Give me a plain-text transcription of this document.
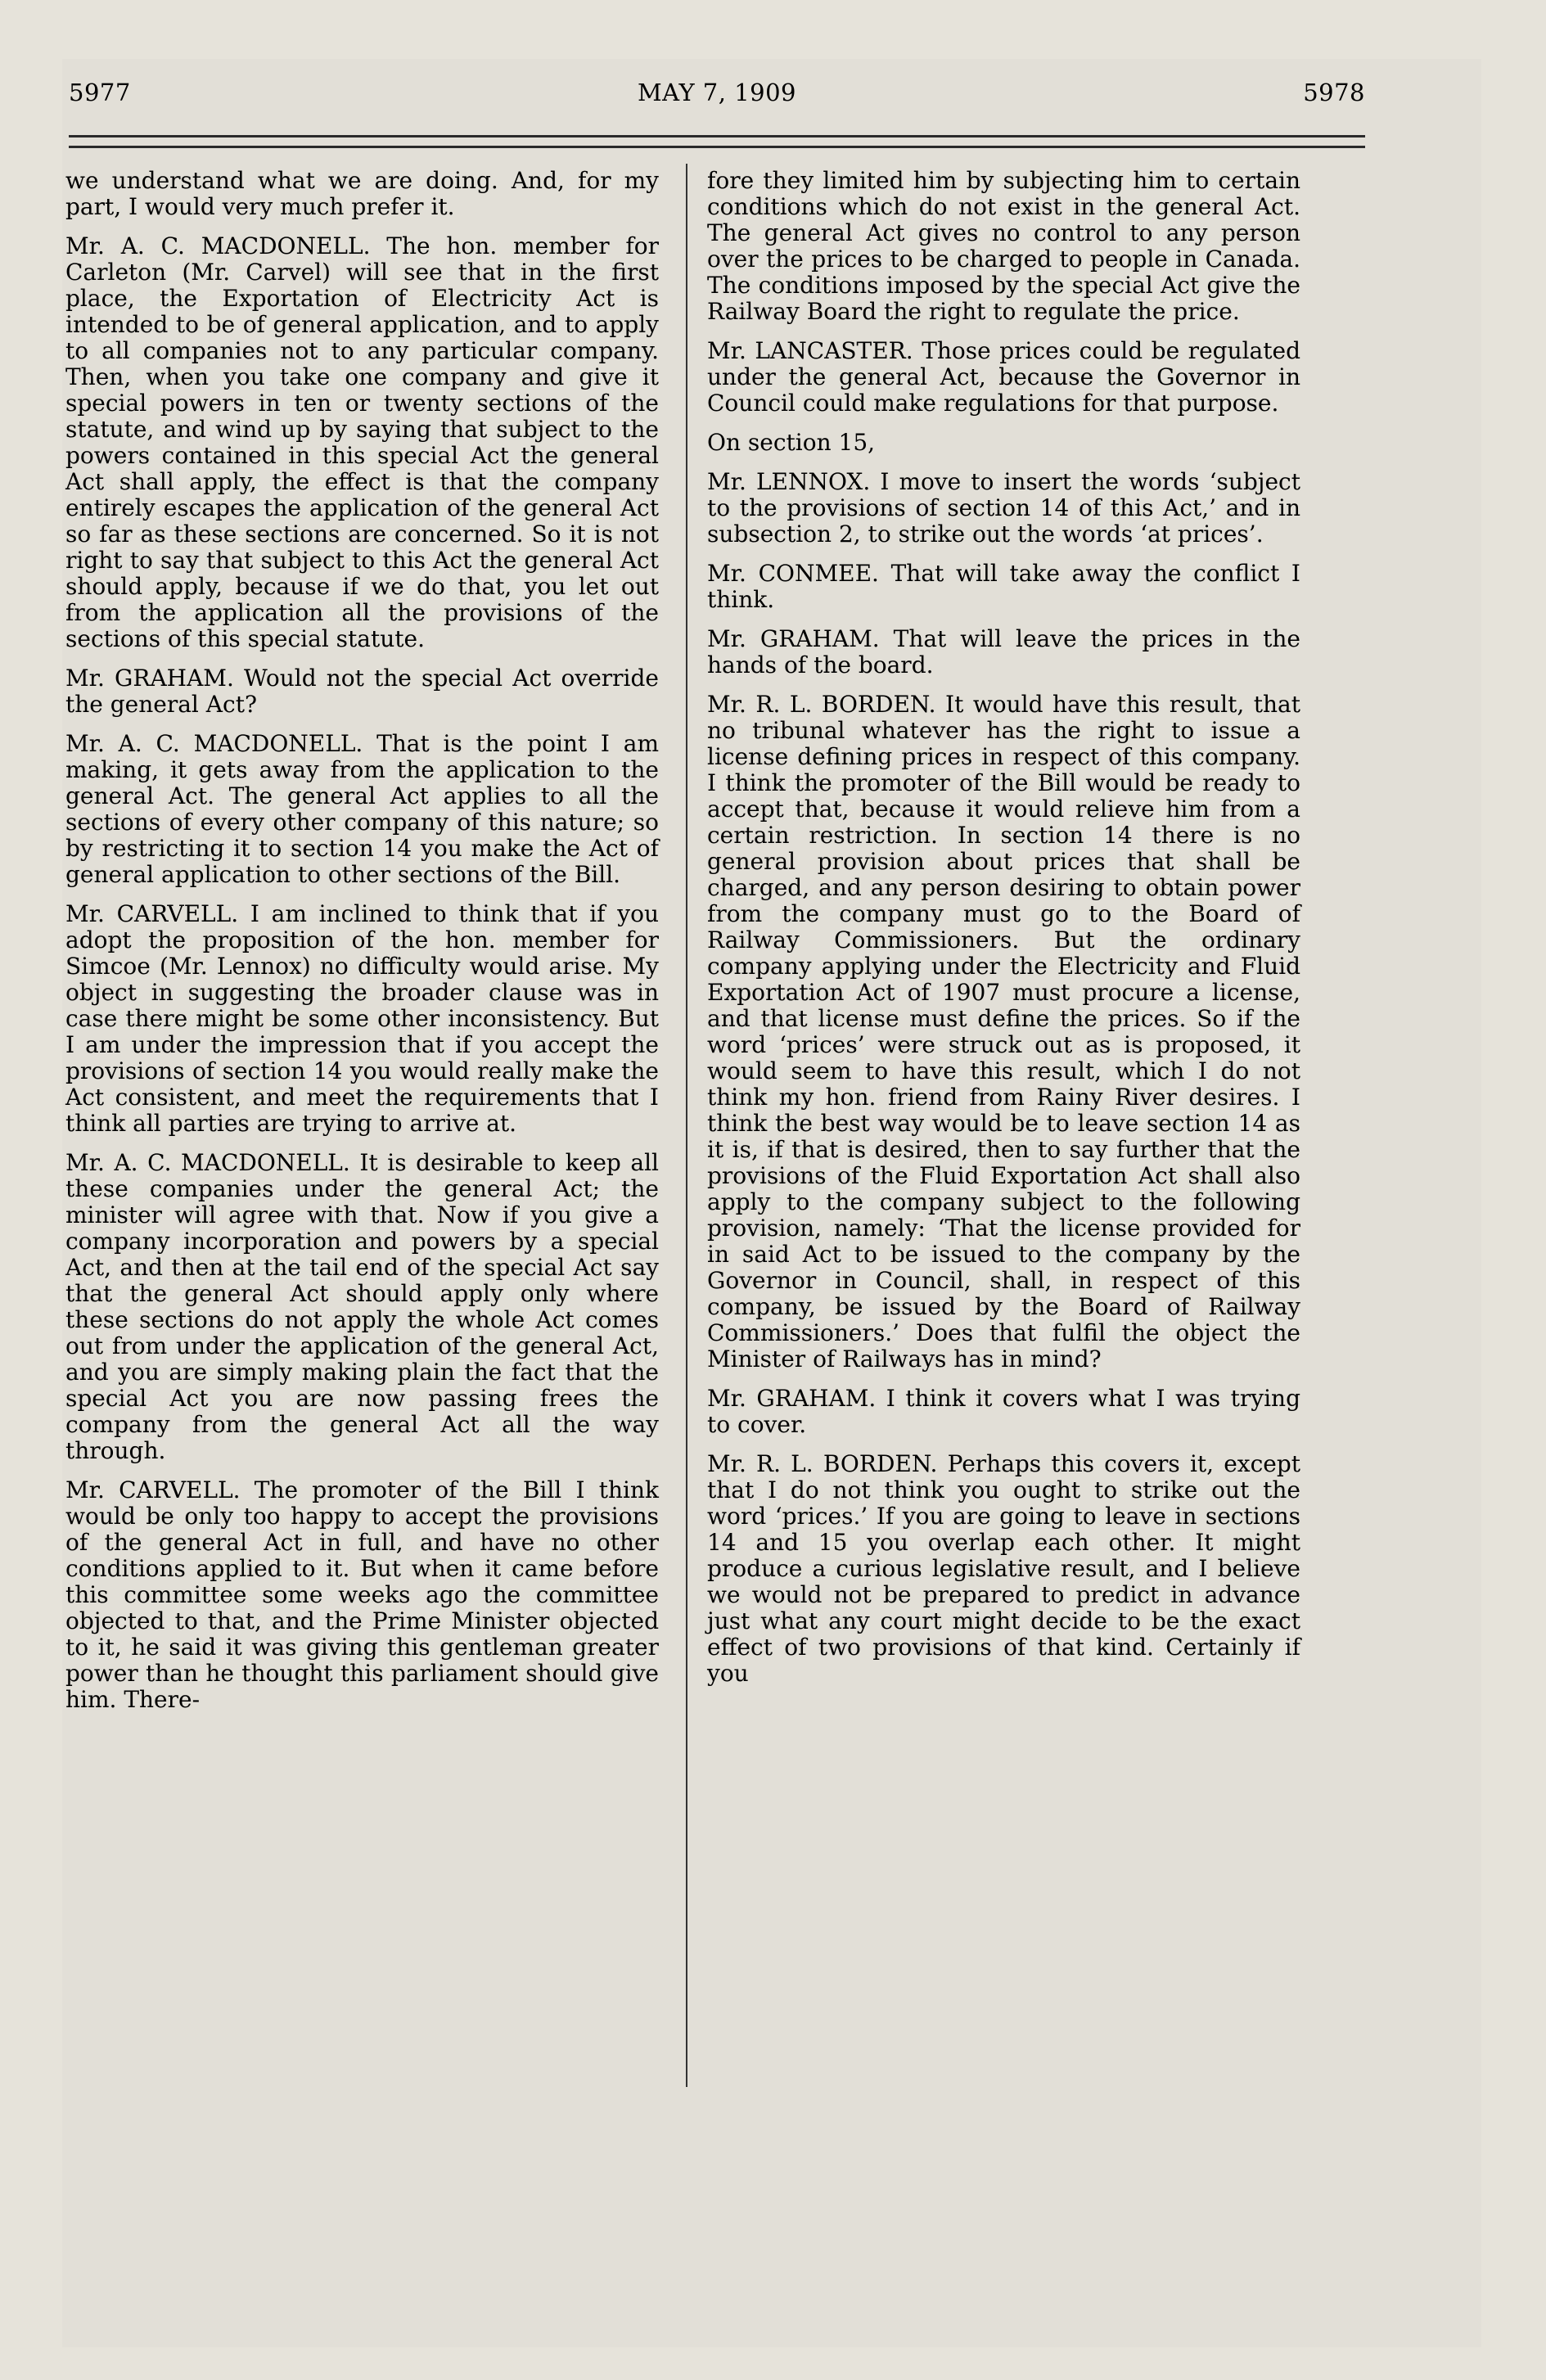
5977	MAY 7, 1909	5978

we understand what we are doing. And, for my part, I would very much prefer it.

Mr. A. C. MACDONELL. The hon. member for Carleton (Mr. Carvel) will see that in the first place, the Exportation of Electricity Act is intended to be of general application, and to apply to all companies not to any particular company. Then, when you take one company and give it special powers in ten or twenty sections of the statute, and wind up by saying that subject to the powers contained in this special Act the general Act shall apply, the effect is that the company entirely escapes the application of the general Act so far as these sections are concerned. So it is not right to say that subject to this Act the general Act should apply, because if we do that, you let out from the application all the provisions of the sections of this special statute.

Mr. GRAHAM. Would not the special Act override the general Act?

Mr. A. C. MACDONELL. That is the point I am making, it gets away from the application to the general Act. The general Act applies to all the sections of every other company of this nature; so by restricting it to section 14 you make the Act of general application to other sections of the Bill.

Mr. CARVELL. I am inclined to think that if you adopt the proposition of the hon. member for Simcoe (Mr. Lennox) no difficulty would arise. My object in suggesting the broader clause was in case there might be some other inconsistency. But I am under the impression that if you accept the provisions of section 14 you would really make the Act consistent, and meet the requirements that I think all parties are trying to arrive at.

Mr. A. C. MACDONELL. It is desirable to keep all these companies under the general Act; the minister will agree with that. Now if you give a company incorporation and powers by a special Act, and then at the tail end of the special Act say that the general Act should apply only where these sections do not apply the whole Act comes out from under the application of the general Act, and you are simply making plain the fact that the special Act you are now passing frees the company from the general Act all the way through.

Mr. CARVELL. The promoter of the Bill I think would be only too happy to accept the provisions of the general Act in full, and have no other conditions applied to it. But when it came before this committee some weeks ago the committee objected to that, and the Prime Minister objected to it, he said it was giving this gentleman greater power than he thought this parliament should give him. There-

fore they limited him by subjecting him to certain conditions which do not exist in the general Act. The general Act gives no control to any person over the prices to be charged to people in Canada. The conditions imposed by the special Act give the Railway Board the right to regulate the price.

Mr. LANCASTER. Those prices could be regulated under the general Act, because the Governor in Council could make regulations for that purpose.

On section 15,

Mr. LENNOX. I move to insert the words ‘subject to the provisions of section 14 of this Act,’ and in subsection 2, to strike out the words ‘at prices’.

Mr. CONMEE. That will take away the conflict I think.

Mr. GRAHAM. That will leave the prices in the hands of the board.

Mr. R. L. BORDEN. It would have this result, that no tribunal whatever has the right to issue a license defining prices in respect of this company. I think the promoter of the Bill would be ready to accept that, because it would relieve him from a certain restriction. In section 14 there is no general provision about prices that shall be charged, and any person desiring to obtain power from the company must go to the Board of Railway Commissioners. But the ordinary company applying under the Electricity and Fluid Exportation Act of 1907 must procure a license, and that license must define the prices. So if the word ‘prices’ were struck out as is proposed, it would seem to have this result, which I do not think my hon. friend from Rainy River desires. I think the best way would be to leave section 14 as it is, if that is desired, then to say further that the provisions of the Fluid Exportation Act shall also apply to the company subject to the following provision, namely: ‘That the license provided for in said Act to be issued to the company by the Governor in Council, shall, in respect of this company, be issued by the Board of Railway Commissioners.’ Does that fulfil the object the Minister of Railways has in mind?

Mr. GRAHAM. I think it covers what I was trying to cover.

Mr. R. L. BORDEN. Perhaps this covers it, except that I do not think you ought to strike out the word ‘prices.’ If you are going to leave in sections 14 and 15 you overlap each other. It might produce a curious legislative result, and I believe we would not be prepared to predict in advance just what any court might decide to be the exact effect of two provisions of that kind. Certainly if you
